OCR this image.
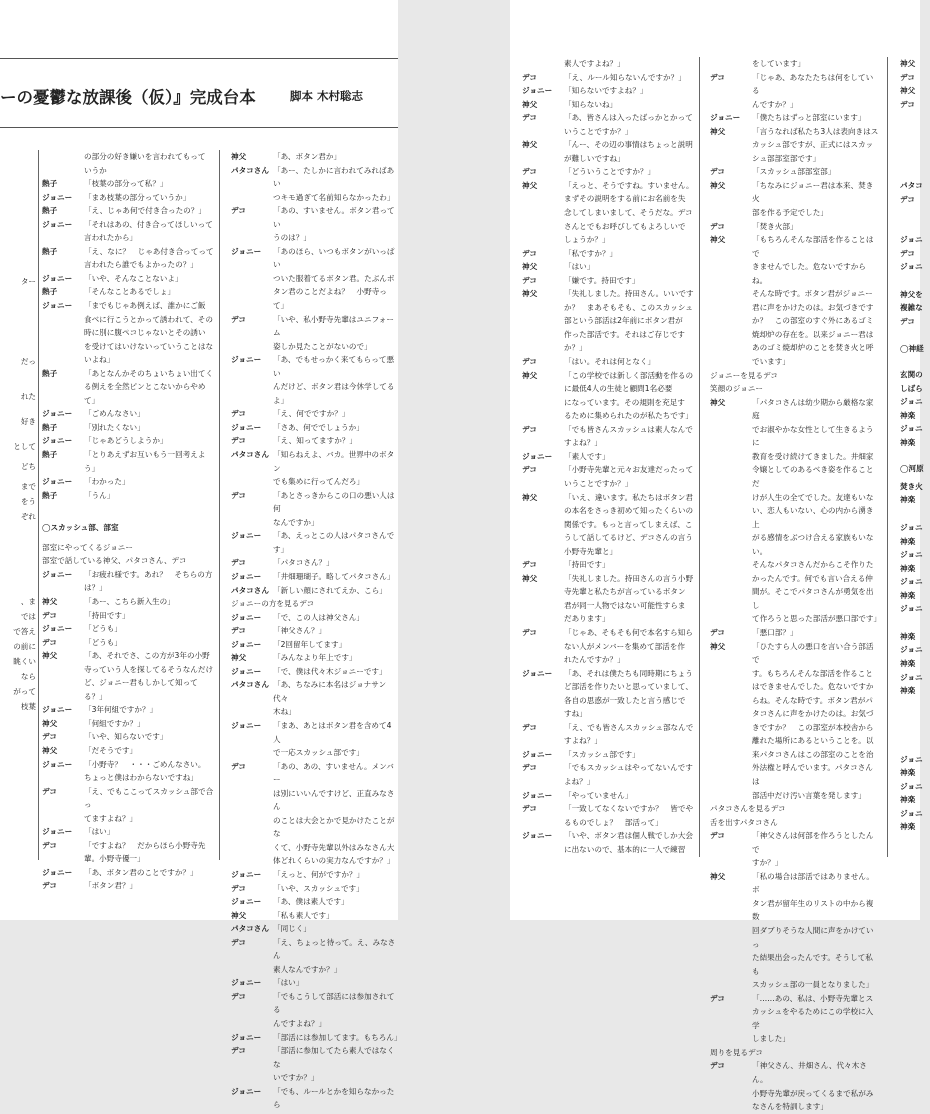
ーの憂鬱な放課後（仮）』完成台本	脚本 木村聡志
ター
だっ
れた
好き
として
どち
まで
をう
ぞれ
、ま
では
で答え
の前に
眺くい
なら
がって
枝葉
の部分の好き嫌いを言われてもって
いうか
熱子	「枝葉の部分って私？」
ジョニー	「まあ枝葉の部分っていうか」
熱子	「え、じゃあ何で付き合ったの？」
ジョニー	「それはあの、付き合ってほしいって
言われたから」
熱子	「え、なに？　じゃあ付き合ってって
言われたら誰でもよかったの？」
ジョニー	「いや、そんなことないよ」
熱子	「そんなことあるでしょ」
ジョニー	「までもじゃあ例えば、誰かにご飯
食べに行こうとかって誘われて、その
時に別に腹ペコじゃないとその誘い
を受けてはいけないっていうことはな
いよね」
熱子	「あとなんかそのちょいちょい出てく
る例えを全然ピンとこないからやめ
て」
ジョニー	「ごめんなさい」
熱子	「別れたくない」
ジョニー	「じゃあどうしようか」
熱子	「とりあえずお互いもう一回考えよう」
ジョニー	「わかった」
熱子	「うん」
◯スカッシュ部、部室
部室にやってくるジョニー
部室で話している神父、パタコさん、デコ
ジョニー	「お疲れ様です。あれ？　そちらの方
は？」
神父	「あー、こちら新入生の」
デコ	「持田です」
ジョニー	「どうも」
デコ	「どうも」
神父	「あ、それでさ、この方が3年の小野
寺っていう人を探してるそうなんだけ
ど、ジョニー君もしかして知ってる？」
ジョニー	「3年何組ですか？」
神父	「何組ですか？」
デコ	「いや、知らないです」
神父	「だそうです」
ジョニー	「小野寺？　・・・ごめんなさい。
ちょっと僕はわからないですね」
デコ	「え、でもここってスカッシュ部で合っ
てますよね？」
ジョニー	「はい」
デコ	「ですよね？　だからほら小野寺先
輩。小野寺優一」
ジョニー	「あ、ボタン君のことですか？」
デコ	「ボタン君？」
神父	「あ、ボタン君か」
パタコさん 「あー、たしかに言われてみればあい
つキモ過ぎて名前知らなかったわ」
デコ	「あの、すいません。ボタン君ってい
うのは？」
ジョニー	「あのほら、いつもボタンがいっぱい
ついた服着てるボタン君。たぶんボ
タン君のことだよね？　小野寺って」
デコ	「いや、私小野寺先輩はユニフォーム
姿しか見たことがないので」
ジョニー	「あ、でもせっかく来てもらって悪い
んだけど、ボタン君は今休学してるよ」
デコ	「え、何でですか？」
ジョニー	「さあ、何ででしょうか」
デコ	「え、知ってますか？」
パタコさん 「知らねえよ、バカ。世界中のボタン
でも集めに行ってんだろ」
デコ	「あとさっきからこの口の悪い人は何
なんですか」
ジョニー	「あ、えっとこの人はパタコさんです」
デコ	「パタコさん？」
ジョニー	「井畑珊瑚子。略してパタコさん」
パタコさん 「新しい顔にされてえか、こら」
ジョニーの方を見るデコ
ジョニー	「で、この人は神父さん」
デコ	「神父さん？」
ジョニー	「2回留年してます」
神父	「みんなより年上です」
ジョニー	「で、僕は代々木ジョニーです」
パタコさん 「あ、ちなみに本名はジョナサン代々
木ね」
ジョニー	「まあ、あとはボタン君を含めて4人
で一応スカッシュ部です」
デコ	「あの、あの、すいません。メンバー
は別にいいんですけど、正直みなさん
のことは大会とかで見かけたことがな
くて、小野寺先輩以外はみなさん大
体どれくらいの実力なんですか？」
ジョニー	「えっと、何がですか？」
デコ	「いや、スカッシュです」
ジョニー	「あ、僕は素人です」
神父	「私も素人です」
パタコさん 「同じく」
デコ	「え、ちょっと待って。え、みなさん
素人なんですか？」
ジョニー	「はい」
デコ	「でもこうして部活には参加されてる
んですよね？」
ジョニー	「部活には参加してます。もちろん」
デコ	「部活に参加してたら素人ではなくな
いですか？」
ジョニー	「でも、ルールとかを知らなかったら
素人ですよね？」
デコ	「え、ルール知らないんですか？」
ジョニー	「知らないですよね？」
神父	「知らないね」
デコ	「あ、皆さんは入ったばっかとかって
いうことですか？」
神父	「んー、その辺の事情はちょっと説明
が難しいですね」
デコ	「どういうことですか？」
神父	「えっと、そうですね。すいません。
まずその説明をする前にお名前を失
念してしまいまして、そうだな。デコ
さんとでもお呼びしてもよろしいで
しょうか？」
デコ	「私ですか？」
神父	「はい」
デコ	「嫌です。持田です」
神父	「失礼しました。持田さん。いいです
か？　まあそもそも、このスカッシュ
部という部活は2年前にボタン君が
作った部活です。それはご存じです
か？」
デコ	「はい。それは何となく」
神父	「この学校では新しく部活動を作るの
に最低4人の生徒と顧問1名必要
になっています。その規則を充足す
るために集められたのが私たちです」
デコ	「でも皆さんスカッシュは素人なんで
すよね？」
ジョニー	「素人です」
デコ	「小野寺先輩と元々お友達だったって
いうことですか？」
神父	「いえ、違います。私たちはボタン君
の本名をさっき初めて知ったくらいの
関係です。もっと言ってしまえば、こ
うして話してるけど、デコさんの言う
小野寺先輩と」
デコ	「持田です」
神父	「失礼しました。持田さんの言う小野
寺先輩と私たちが言っているボタン
君が同一人物ではない可能性すらま
だあります」
デコ	「じゃあ、そもそも何で本名すら知ら
ない人がメンバーを集めて部活を作
れたんですか？」
ジョニー	「あ、それは僕たちも同時期にちょう
ど部活を作りたいと思っていまして、
各自の思惑が一致したと言う感じで
すね」
デコ	「え、でも皆さんスカッシュ部なんで
すよね？」
ジョニー	「スカッシュ部です」
デコ	「でもスカッシュはやってないんです
よね？」
ジョニー	「やっていません」
デコ	「一致してなくないですか？　皆でや
るものでしょ？　部活って」
ジョニー	「いや、ボタン君は個人戦でしか大会
に出ないので、基本的に一人で練習
をしています」
デコ	「じゃあ、あなたたちは何をしている
んですか？」
ジョニー	「僕たちはずっと部室にいます」
神父	「言うなれば私たち3人は表向きはス
カッシュ部ですが、正式にはスカッ
シュ部部室部です」
デコ	「スカッシュ部部室部」
神父	「ちなみにジョニー君は本来、焚き火
部を作る予定でした」
デコ	「焚き火部」
神父	「もちろんそんな部活を作ることはで
きませんでした。危ないですからね。
そんな時です。ボタン君がジョニー
君に声をかけたのは。お気づきです
か？　この部室のすぐ外にあるゴミ
焼却炉の存在を。以来ジョニー君は
あのゴミ焼却炉のことを焚き火と呼
でいます」
ジョニーを見るデコ
笑顔のジョニー
神父	「パタコさんは幼少期から厳格な家庭
でお淑やかな女性として生きるように
教育を受け続けてきました。井畑家
令嬢としてのあるべき姿を作ることだ
けが人生の全てでした。友達もいな
い、恋人もいない、心の内から湧き上
がる感情をぶつけ合える家族もいない。
そんなパタコさんだからこそ作りた
かったんです。何でも言い合える仲
間が。そこでパタコさんが勇気を出し
て作ろうと思った部活が悪口部です」
デコ	「悪口部？」
神父	「ひたすら人の悪口を言い合う部活で
す。もちろんそんな部活を作ること
はできませんでした。危ないですか
らね。そんな時です。ボタン君がパ
タコさんに声をかけたのは。お気づ
きですか？　この部室が本校舎から
離れた場所にあるということを。以
来パタコさんはこの部室のことを治
外法権と呼んでいます。パタコさんは
部活中だけ汚い言葉を発します」
パタコさんを見るデコ
舌を出すパタコさん
デコ	「神父さんは何部を作ろうとしたんで
すか？」
神父	「私の場合は部活ではありません。ボ
タン君が留年生のリストの中から複数
回ダブりそうな人間に声をかけていっ
た結果出会ったんです。そうして私も
スカッシュ部の一員となりました」
デコ	「……あの、私は、小野寺先輩とス
カッシュをやるためにこの学校に入学
しました」
周りを見るデコ
デコ	「神父さん、井畑さん、代々木さん。
小野寺先輩が戻ってくるまで私がみ
なさんを特訓します」
神父
デコ
神父
デコ
パタコ
デコ
ジョニ
デコ
ジョニ
神父を
複雑な
デコ
◯神経
玄関の
しばら
ジョニ
神楽
ジョニ
神楽
◯河原
焚き火
神楽
ジョニ
神楽
ジョニ
神楽
ジョニ
神楽
ジョニ
神楽
ジョニ
神楽
ジョニ
神楽
ジョニ
神楽
ジョニ
神楽
ジョニ
神楽
